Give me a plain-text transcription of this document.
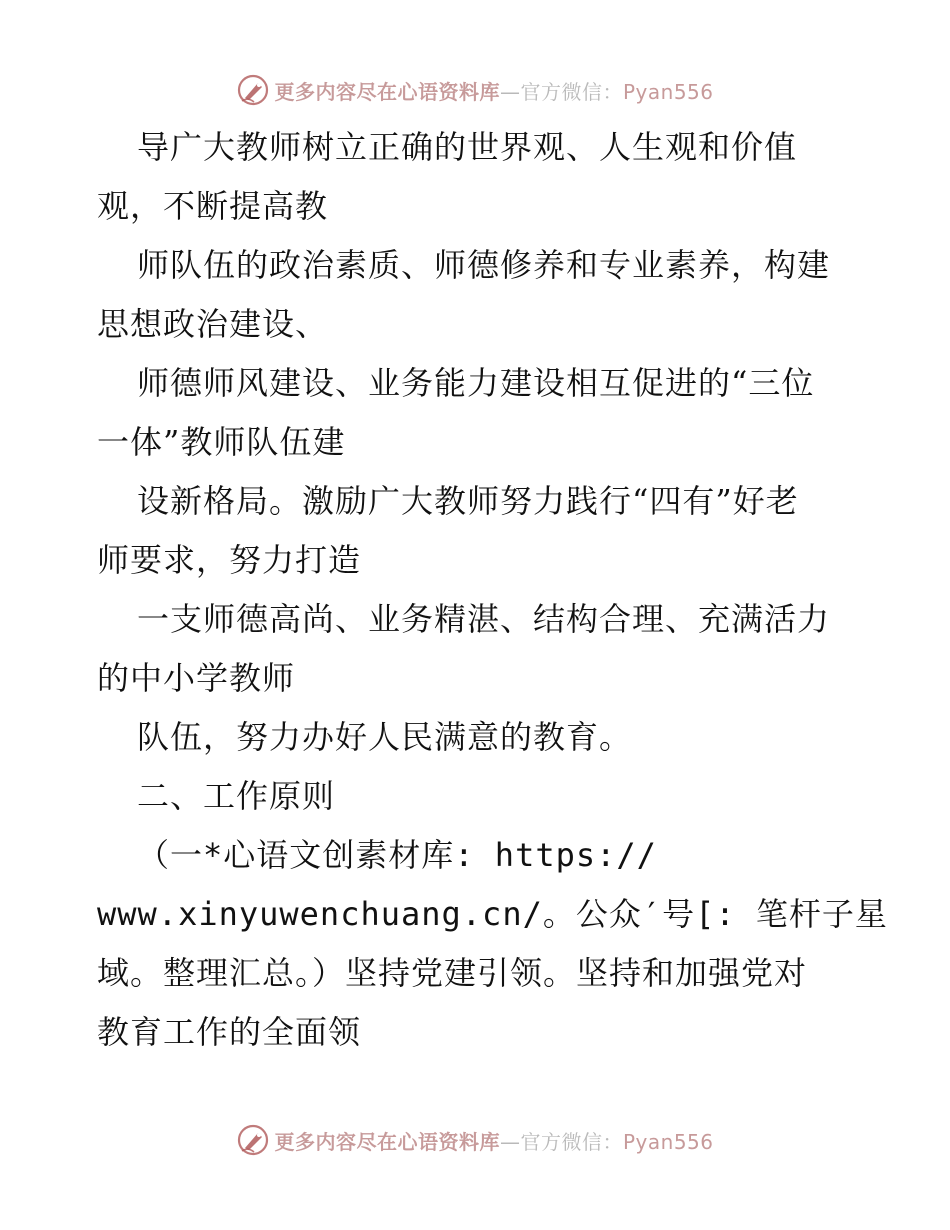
更多内容尽在心语资料库—官方微信：Pyan556
导广大教师树立正确的世界观、人生观和价值
观，不断提高教
师队伍的政治素质、师德修养和专业素养，构建
思想政治建设、
师德师风建设、业务能力建设相互促进的“三位
一体”教师队伍建
设新格局。激励广大教师努力践行“四有”好老
师要求，努力打造
一支师德高尚、业务精湛、结构合理、充满活力
的中小学教师
队伍，努力办好人民满意的教育。
二、工作原则
（一*心语文创素材库: https://
www.xinyuwenchuang.cn/。公众′号[: 笔杆子星
域。整理汇总。）坚持党建引领。坚持和加强党对
教育工作的全面领
更多内容尽在心语资料库—官方微信：Pyan556
